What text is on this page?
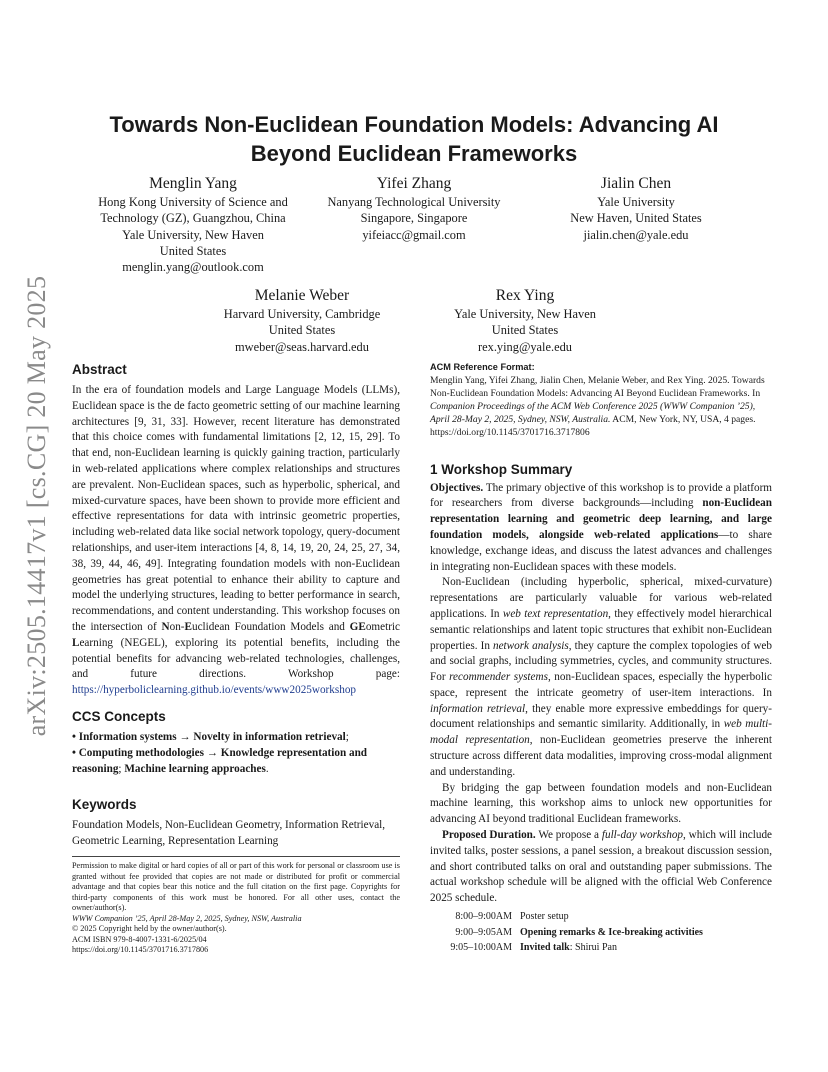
arXiv:2505.14417v1 [cs.CG] 20 May 2025
Towards Non-Euclidean Foundation Models: Advancing AI
Beyond Euclidean Frameworks
Menglin Yang
Hong Kong University of Science and
Technology (GZ), Guangzhou, China
Yale University, New Haven
United States
menglin.yang@outlook.com
Yifei Zhang
Nanyang Technological University
Singapore, Singapore
yifeiacc@gmail.com
Jialin Chen
Yale University
New Haven, United States
jialin.chen@yale.edu
Melanie Weber
Harvard University, Cambridge
United States
mweber@seas.harvard.edu
Rex Ying
Yale University, New Haven
United States
rex.ying@yale.edu
Abstract

In the era of foundation models and Large Language Models (LLMs), Euclidean space is the de facto geometric setting of our machine learning architectures [9, 31, 33]. However, recent literature has demonstrated that this choice comes with fundamental limitations [2, 12, 15, 29]. To that end, non-Euclidean learning is quickly gaining traction, particularly in web-related applications where complex relationships and structures are prevalent. Non-Euclidean spaces, such as hyperbolic, spherical, and mixed-curvature spaces, have been shown to provide more efficient and effective representations for data with intrinsic geometric properties, including web-related data like social network topology, query-document relationships, and user-item interactions [4, 8, 14, 19, 20, 24, 25, 27, 34, 38, 39, 44, 46, 49]. Integrating foundation models with non-Euclidean geometries has great potential to enhance their ability to capture and model the underlying structures, leading to better performance in search, recommendations, and content understanding. This workshop focuses on the intersection of Non-Euclidean Foundation Models and GEometric Learning (NEGEL), exploring its potential benefits, including the potential benefits for advancing web-related technologies, challenges, and future directions. Workshop page: https://hyperboliclearning.github.io/events/www2025workshop

CCS Concepts

• Information systems → Novelty in information retrieval;

• Computing methodologies → Knowledge representation and reasoning; Machine learning approaches.

Keywords

Foundation Models, Non-Euclidean Geometry, Information Retrieval, Geometric Learning, Representation Learning

Permission to make digital or hard copies of all or part of this work for personal or classroom use is granted without fee provided that copies are not made or distributed for profit or commercial advantage and that copies bear this notice and the full citation on the first page. Copyrights for third-party components of this work must be honored. For all other uses, contact the owner/author(s).
WWW Companion ’25, April 28-May 2, 2025, Sydney, NSW, Australia
© 2025 Copyright held by the owner/author(s).
ACM ISBN 979-8-4007-1331-6/2025/04
https://doi.org/10.1145/3701716.3717806
ACM Reference Format:

Menglin Yang, Yifei Zhang, Jialin Chen, Melanie Weber, and Rex Ying. 2025. Towards Non-Euclidean Foundation Models: Advancing AI Beyond Euclidean Frameworks. In Companion Proceedings of the ACM Web Conference 2025 (WWW Companion ’25), April 28-May 2, 2025, Sydney, NSW, Australia. ACM, New York, NY, USA, 4 pages. https://doi.org/10.1145/3701716.3717806

1 Workshop Summary

Objectives. The primary objective of this workshop is to provide a platform for researchers from diverse backgrounds—including non-Euclidean representation learning and geometric deep learning, and large foundation models, alongside web-related applications—to share knowledge, exchange ideas, and discuss the latest advances and challenges in integrating non-Euclidean spaces with these models.

Non-Euclidean (including hyperbolic, spherical, mixed-curvature) representations are particularly valuable for various web-related applications. In web text representation, they effectively model hierarchical semantic relationships and latent topic structures that exhibit non-Euclidean properties. In network analysis, they capture the complex topologies of web and social graphs, including symmetries, cycles, and community structures. For recommender systems, non-Euclidean spaces, especially the hyperbolic space, represent the intricate geometry of user-item interactions. In information retrieval, they enable more expressive embeddings for query-document relationships and semantic similarity. Additionally, in web multi-modal representation, non-Euclidean geometries preserve the inherent structure across different data modalities, improving cross-modal alignment and understanding.

By bridging the gap between foundation models and non-Euclidean machine learning, this workshop aims to unlock new opportunities for advancing AI beyond traditional Euclidean frameworks.

Proposed Duration. We propose a full-day workshop, which will include invited talks, poster sessions, a panel session, a breakout discussion session, and short contributed talks on oral and outstanding paper submissions. The actual workshop schedule will be aligned with the official Web Conference 2025 schedule.

8:00–9:00AM Poster setup
9:00–9:05AM Opening remarks & Ice-breaking activities
9:05–10:00AM Invited talk: Shirui Pan
